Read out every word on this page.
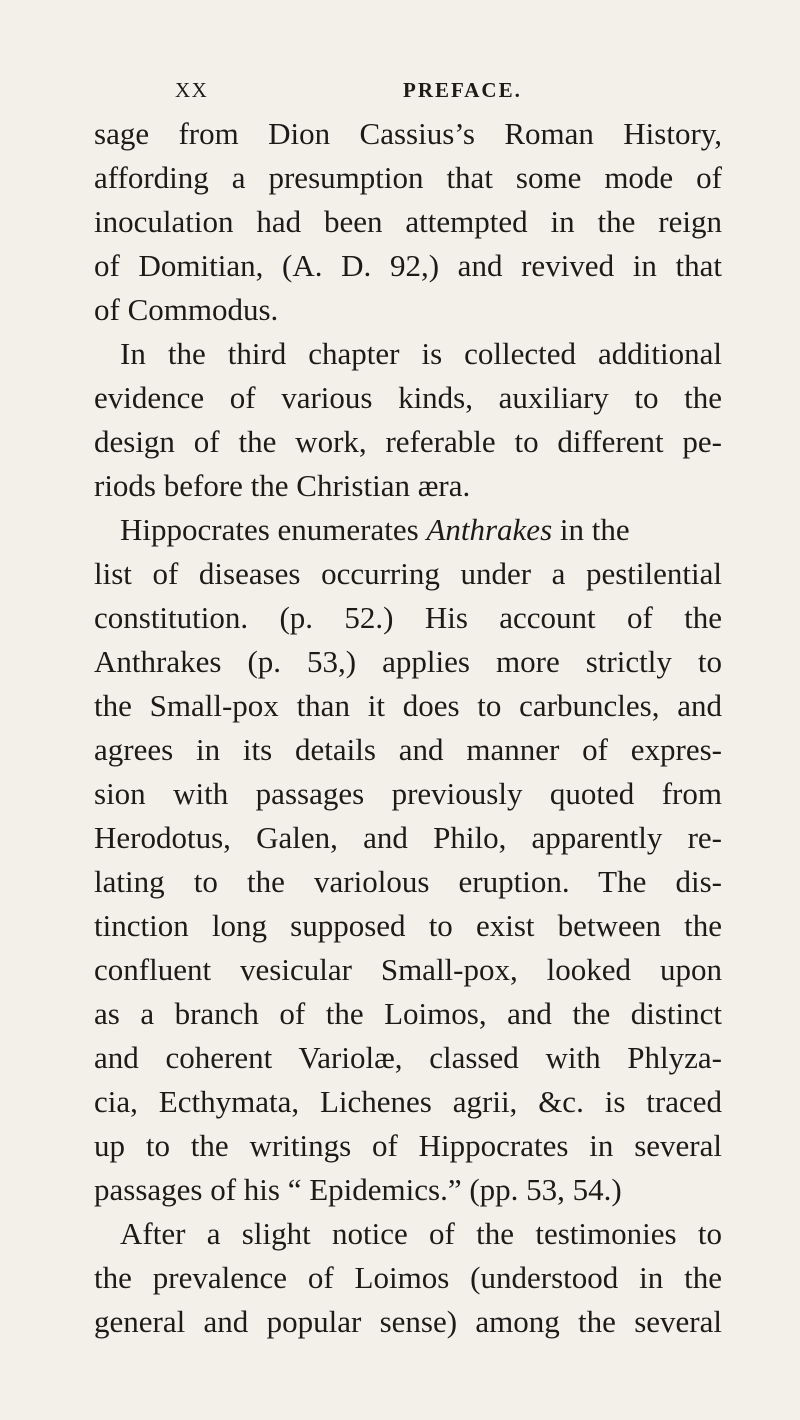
XX	PREFACE.
sage from Dion Cassius’s Roman History,
affording a presumption that some mode of
inoculation had been attempted in the reign
of Domitian, (A. D. 92,) and revived in that
of Commodus.
In the third chapter is collected additional
evidence of various kinds, auxiliary to the
design of the work, referable to different pe-
riods before the Christian æra.
Hippocrates enumerates Anthrakes in the
list of diseases occurring under a pestilential
constitution. (p. 52.) His account of the
Anthrakes (p. 53,) applies more strictly to
the Small-pox than it does to carbuncles, and
agrees in its details and manner of expres-
sion with passages previously quoted from
Herodotus, Galen, and Philo, apparently re-
lating to the variolous eruption. The dis-
tinction long supposed to exist between the
confluent vesicular Small-pox, looked upon
as a branch of the Loimos, and the distinct
and coherent Variolæ, classed with Phlyza-
cia, Ecthymata, Lichenes agrii, &c. is traced
up to the writings of Hippocrates in several
passages of his “ Epidemics.” (pp. 53, 54.)
After a slight notice of the testimonies to
the prevalence of Loimos (understood in the
general and popular sense) among the several
